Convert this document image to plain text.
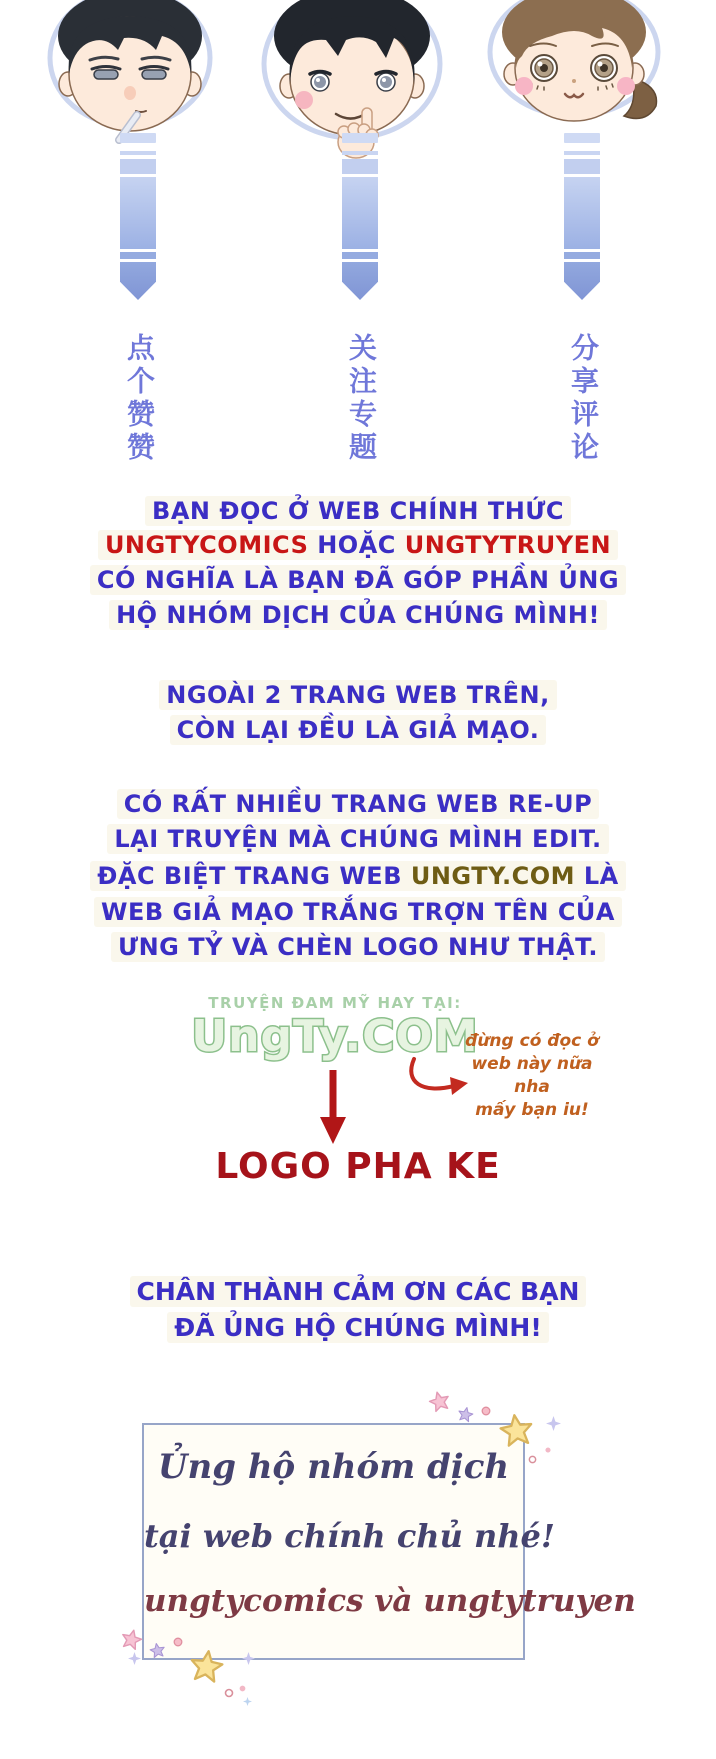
点个赞赞	关注专题	分享评论
BẠN ĐỌC Ở WEB CHÍNH THỨC
UNGTYCOMICS HOẶC UNGTYTRUYEN
CÓ NGHĨA LÀ BẠN ĐÃ GÓP PHẦN ỦNG
HỘ NHÓM DỊCH CỦA CHÚNG MÌNH!
NGOÀI 2 TRANG WEB TRÊN,
CÒN LẠI ĐỀU LÀ GIẢ MẠO.
CÓ RẤT NHIỀU TRANG WEB RE-UP
LẠI TRUYỆN MÀ CHÚNG MÌNH EDIT.
ĐẶC BIỆT TRANG WEB UNGTY.COM LÀ
WEB GIẢ MẠO TRẮNG TRỢN TÊN CỦA
ƯNG TỶ VÀ CHÈN LOGO NHƯ THẬT.
TRUYỆN ĐAM MỸ HAY TẠI:
UngTy.COM
đừng có đọc ở
web này nữa nha
mấy bạn iu!
LOGO PHA KE
CHÂN THÀNH CẢM ƠN CÁC BẠN
ĐÃ ỦNG HỘ CHÚNG MÌNH!
Ủng hộ nhóm dịch
tại web chính chủ nhé!
ungtycomics và ungtytruyen
